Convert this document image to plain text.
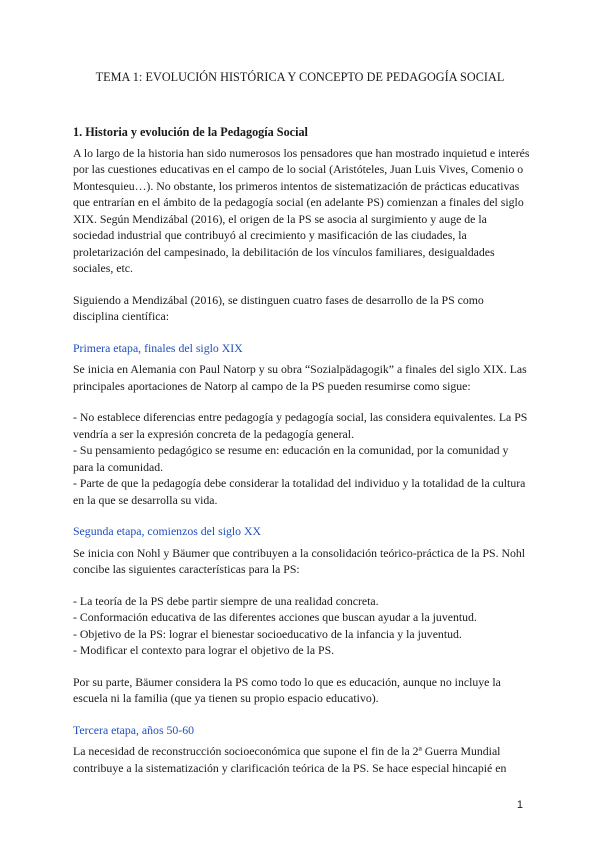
TEMA 1: EVOLUCIÓN HISTÓRICA Y CONCEPTO DE PEDAGOGÍA SOCIAL
1. Historia y evolución de la Pedagogía Social

A lo largo de la historia han sido numerosos los pensadores que han mostrado inquietud e interés por las cuestiones educativas en el campo de lo social (Aristóteles, Juan Luis Vives, Comenio o Montesquieu…). No obstante, los primeros intentos de sistematización de prácticas educativas que entrarían en el ámbito de la pedagogía social (en adelante PS) comienzan a finales del siglo XIX. Según Mendizábal (2016), el origen de la PS se asocia al surgimiento y auge de la sociedad industrial que contribuyó al crecimiento y masificación de las ciudades, la proletarización del campesinado, la debilitación de los vínculos familiares, desigualdades sociales, etc.

Siguiendo a Mendizábal (2016), se distinguen cuatro fases de desarrollo de la PS como disciplina científica:

Primera etapa, finales del siglo XIX

Se inicia en Alemania con Paul Natorp y su obra “Sozialpädagogik” a finales del siglo XIX. Las principales aportaciones de Natorp al campo de la PS pueden resumirse como sigue:

- No establece diferencias entre pedagogía y pedagogía social, las considera equivalentes. La PS vendría a ser la expresión concreta de la pedagogía general.

- Su pensamiento pedagógico se resume en: educación en la comunidad, por la comunidad y para la comunidad.

- Parte de que la pedagogía debe considerar la totalidad del individuo y la totalidad de la cultura en la que se desarrolla su vida.

Segunda etapa, comienzos del siglo XX

Se inicia con Nohl y Bäumer que contribuyen a la consolidación teórico-práctica de la PS. Nohl concibe las siguientes características para la PS:

- La teoría de la PS debe partir siempre de una realidad concreta.

- Conformación educativa de las diferentes acciones que buscan ayudar a la juventud.

- Objetivo de la PS: lograr el bienestar socioeducativo de la infancia y la juventud.

- Modificar el contexto para lograr el objetivo de la PS.

Por su parte, Bäumer considera la PS como todo lo que es educación, aunque no incluye la escuela ni la familia (que ya tienen su propio espacio educativo).

Tercera etapa, años 50-60

La necesidad de reconstrucción socioeconómica que supone el fin de la 2ª Guerra Mundial contribuye a la sistematización y clarificación teórica de la PS. Se hace especial hincapié en

1
